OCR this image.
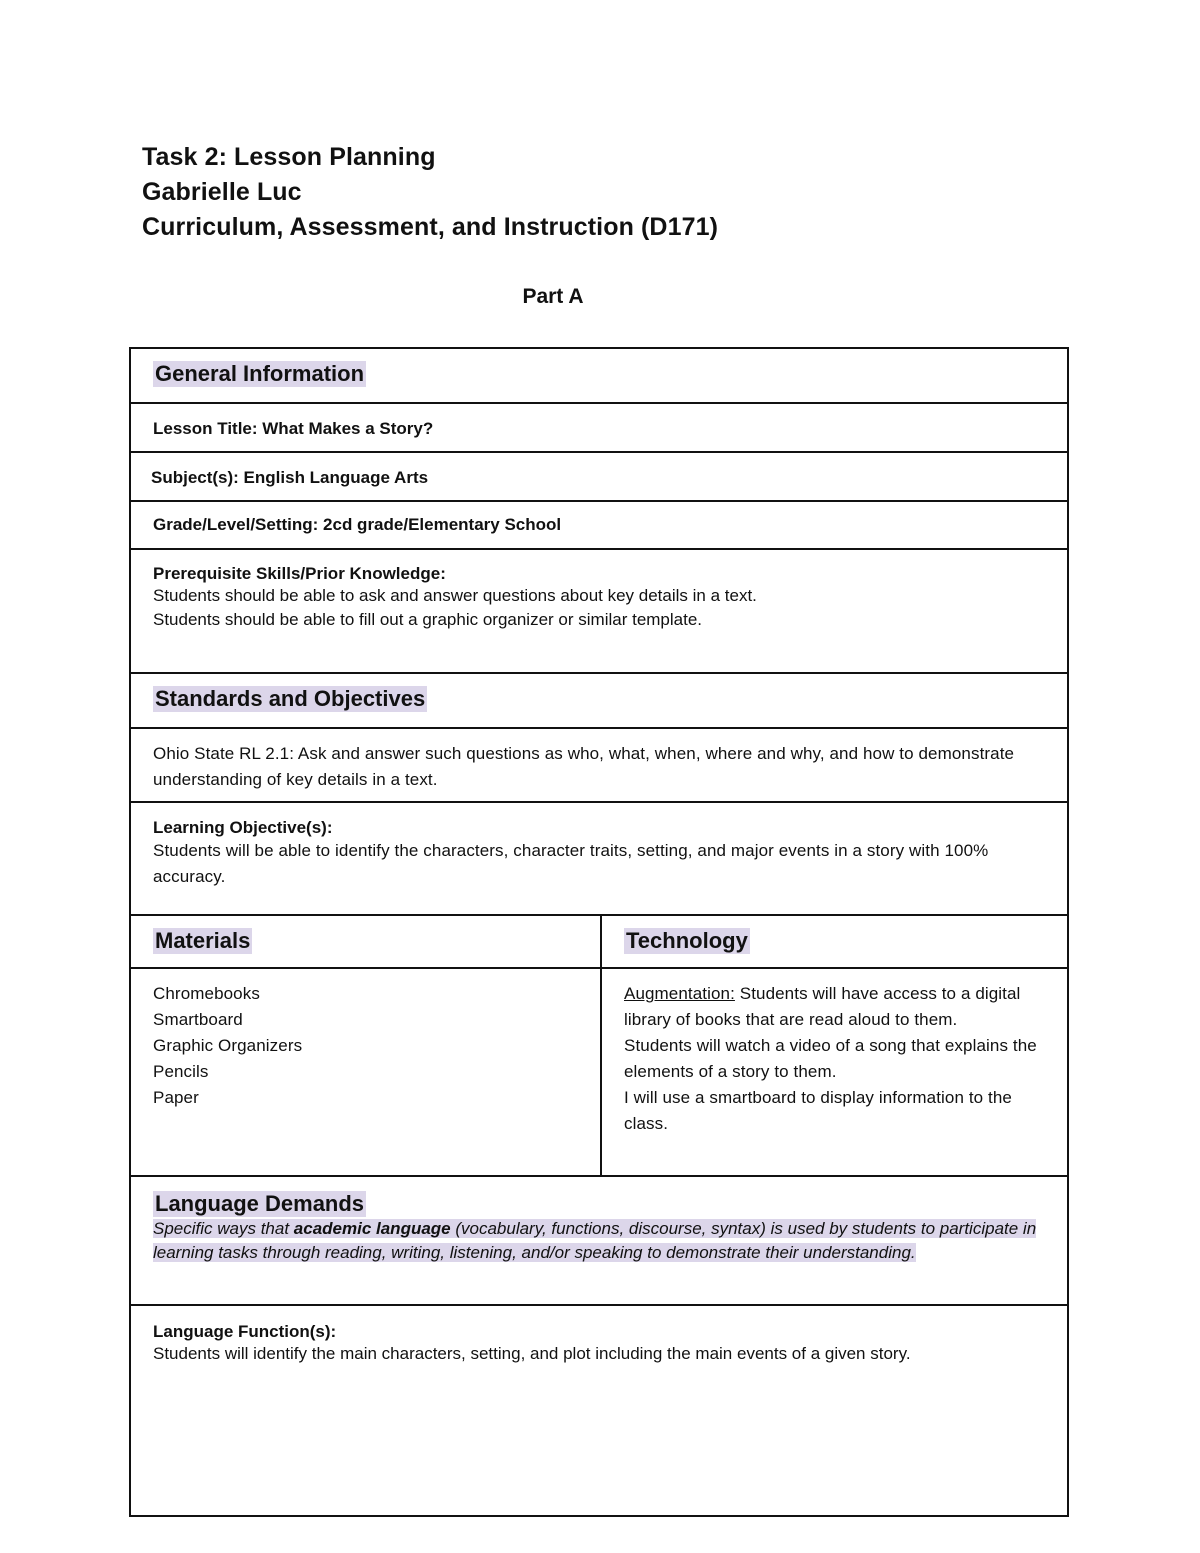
Task 2: Lesson Planning
Gabrielle Luc
Curriculum, Assessment, and Instruction (D171)
Part A
General Information
Lesson Title: What Makes a Story?
Subject(s): English Language Arts
Grade/Level/Setting: 2cd grade/Elementary School
Prerequisite Skills/Prior Knowledge:
Students should be able to ask and answer questions about key details in a text.
Students should be able to fill out a graphic organizer or similar template.
Standards and Objectives
Ohio State RL 2.1: Ask and answer such questions as who, what, when, where and why, and how to demonstrate understanding of key details in a text.
Learning Objective(s):
Students will be able to identify the characters, character traits, setting, and major events in a story with 100% accuracy.
Materials	Technology
Chromebooks
Smartboard
Graphic Organizers
Pencils
Paper
Augmentation: Students will have access to a digital library of books that are read aloud to them.
Students will watch a video of a song that explains the elements of a story to them.
I will use a smartboard to display information to the class.
Language Demands
Specific ways that academic language (vocabulary, functions, discourse, syntax) is used by students to participate in learning tasks through reading, writing, listening, and/or speaking to demonstrate their understanding.
Language Function(s):
Students will identify the main characters, setting, and plot including the main events of a given story.
